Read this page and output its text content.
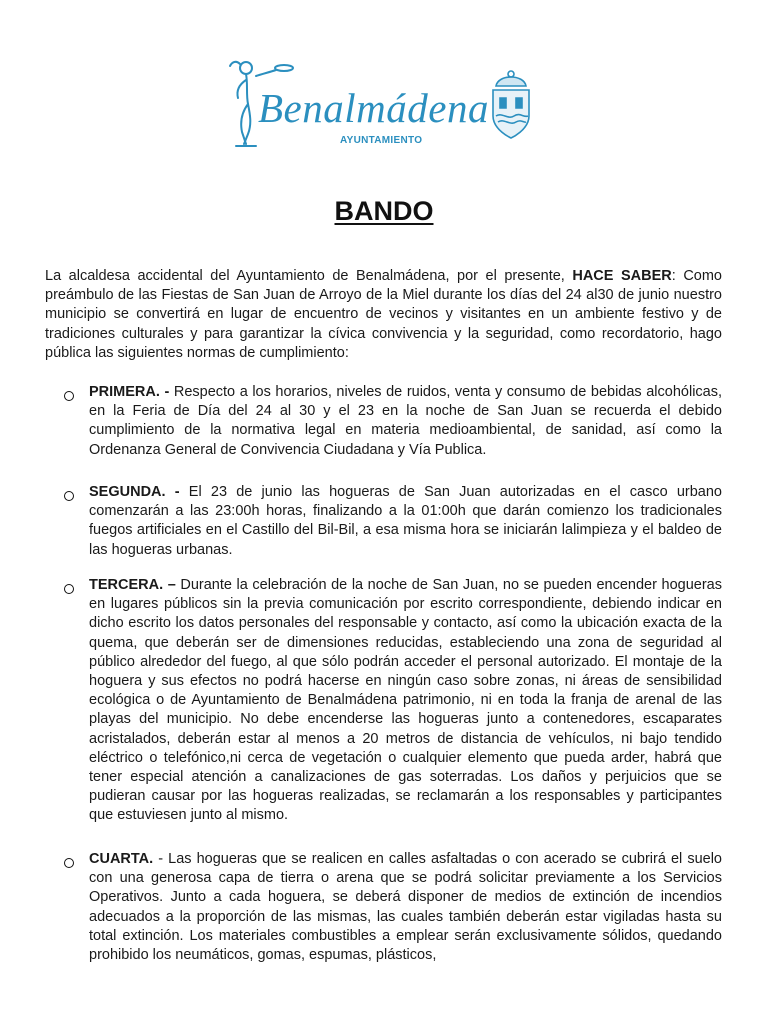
Benalmádena
AYUNTAMIENTO
BANDO

La alcaldesa accidental del Ayuntamiento de Benalmádena, por el presente, HACE SABER: Como preámbulo de las Fiestas de San Juan de Arroyo de la Miel durante los días del 24 al30 de junio nuestro municipio se convertirá en lugar de encuentro de vecinos y visitantes en un ambiente festivo y de tradiciones culturales y para garantizar la cívica convivencia y la seguridad, como recordatorio, hago pública las siguientes normas de cumplimiento:

PRIMERA. - Respecto a los horarios, niveles de ruidos, venta y consumo de bebidas alcohólicas, en la Feria de Día del 24 al 30 y el 23 en la noche de San Juan se recuerda el debido cumplimiento de la normativa legal en materia medioambiental, de sanidad, así como la Ordenanza General de Convivencia Ciudadana y Vía Publica.

SEGUNDA. - El 23 de junio las hogueras de San Juan autorizadas en el casco urbano comenzarán a las 23:00h horas, finalizando a la 01:00h que darán comienzo los tradicionales fuegos artificiales en el Castillo del Bil-Bil, a esa misma hora se iniciarán lalimpieza y el baldeo de las hogueras urbanas.

TERCERA. – Durante la celebración de la noche de San Juan, no se pueden encender hogueras en lugares públicos sin la previa comunicación por escrito correspondiente, debiendo indicar en dicho escrito los datos personales del responsable y contacto, así como la ubicación exacta de la quema, que deberán ser de dimensiones reducidas, estableciendo una zona de seguridad al público alrededor del fuego, al que sólo podrán acceder el personal autorizado. El montaje de la hoguera y sus efectos no podrá hacerse en ningún caso sobre zonas, ni áreas de sensibilidad ecológica o de Ayuntamiento de Benalmádena patrimonio, ni en toda la franja de arenal de las playas del municipio. No debe encenderse las hogueras junto a contenedores, escaparates acristalados, deberán estar al menos a 20 metros de distancia de vehículos, ni bajo tendido eléctrico o telefónico,ni cerca de vegetación o cualquier elemento que pueda arder, habrá que tener especial atención a canalizaciones de gas soterradas. Los daños y perjuicios que se pudieran causar por las hogueras realizadas, se reclamarán a los responsables y participantes que estuviesen junto al mismo.

CUARTA. - Las hogueras que se realicen en calles asfaltadas o con acerado se cubrirá el suelo con una generosa capa de tierra o arena que se podrá solicitar previamente a los Servicios Operativos. Junto a cada hoguera, se deberá disponer de medios de extinción de incendios adecuados a la proporción de las mismas, las cuales también deberán estar vigiladas hasta su total extinción. Los materiales combustibles a emplear serán exclusivamente sólidos, quedando prohibido los neumáticos, gomas, espumas, plásticos,
